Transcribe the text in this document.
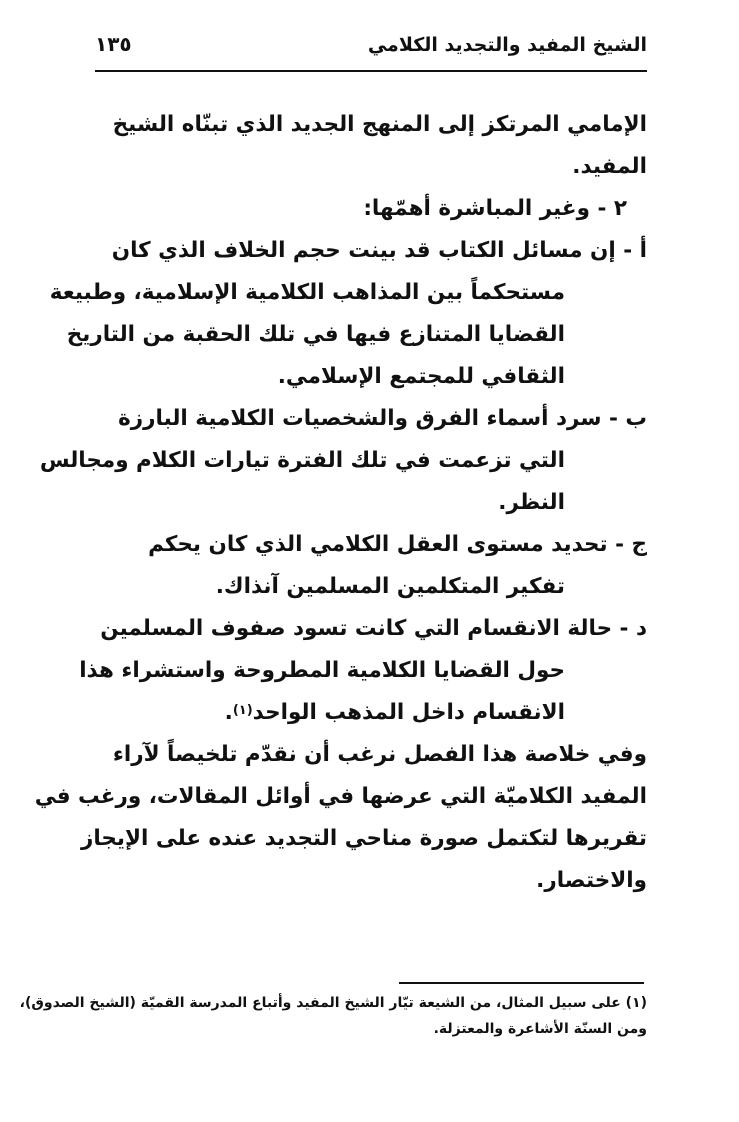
الشيخ المفيد والتجديد الكلامي
١٣٥
الإمامي المرتكز إلى المنهج الجديد الذي تبنّاه الشيخ
المفيد.
٢ - وغير المباشرة أهمّها:
أ - إن مسائل الكتاب قد بينت حجم الخلاف الذي كان
مستحكماً بين المذاهب الكلامية الإسلامية، وطبيعة
القضايا المتنازع فيها في تلك الحقبة من التاريخ
الثقافي للمجتمع الإسلامي.
ب - سرد أسماء الفرق والشخصيات الكلامية البارزة
التي تزعمت في تلك الفترة تيارات الكلام ومجالس
النظر.
ج - تحديد مستوى العقل الكلامي الذي كان يحكم
تفكير المتكلمين المسلمين آنذاك.
د - حالة الانقسام التي كانت تسود صفوف المسلمين
حول القضايا الكلامية المطروحة واستشراء هذا
الانقسام داخل المذهب الواحد$^{(١)}$.
وفي خلاصة هذا الفصل نرغب أن نقدّم تلخيصاً لآراء
المفيد الكلاميّة التي عرضها في أوائل المقالات، ورغب في
تقريرها لتكتمل صورة مناحي التجديد عنده على الإيجاز
والاختصار.
(١) على سبيل المثال، من الشيعة تيّار الشيخ المفيد وأتباع المدرسة القميّة (الشيخ الصدوق)،
ومن السنّة الأشاعرة والمعتزلة.
